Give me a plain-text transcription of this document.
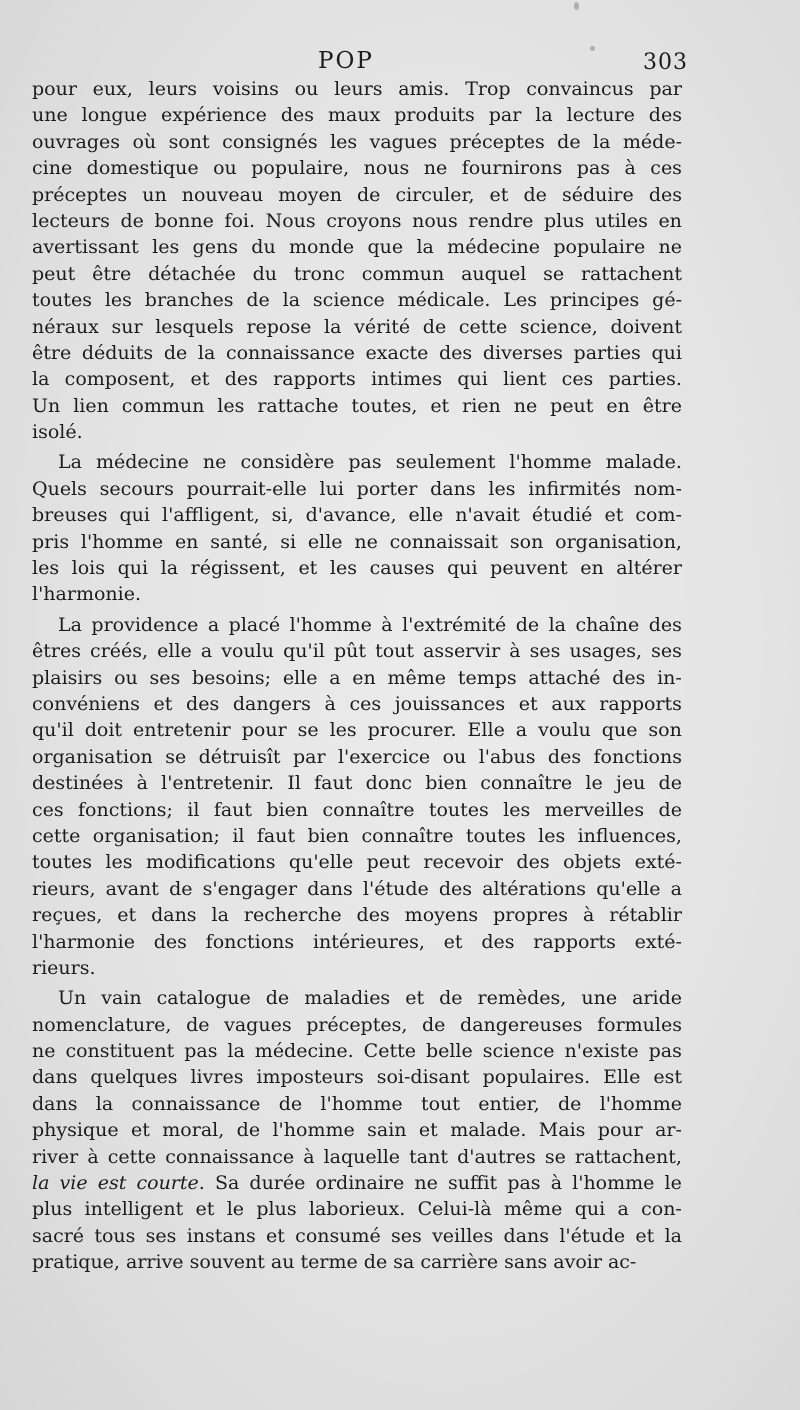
POP	303
pour eux, leurs voisins ou leurs amis. Trop convaincus par
une longue expérience des maux produits par la lecture des
ouvrages où sont consignés les vagues préceptes de la méde-
cine domestique ou populaire, nous ne fournirons pas à ces
préceptes un nouveau moyen de circuler, et de séduire des
lecteurs de bonne foi. Nous croyons nous rendre plus utiles en
avertissant les gens du monde que la médecine populaire ne
peut être détachée du tronc commun auquel se rattachent
toutes les branches de la science médicale. Les principes gé-
néraux sur lesquels repose la vérité de cette science, doivent
être déduits de la connaissance exacte des diverses parties qui
la composent, et des rapports intimes qui lient ces parties.
Un lien commun les rattache toutes, et rien ne peut en être
isolé.
La médecine ne considère pas seulement l'homme malade.
Quels secours pourrait-elle lui porter dans les infirmités nom-
breuses qui l'affligent, si, d'avance, elle n'avait étudié et com-
pris l'homme en santé, si elle ne connaissait son organisation,
les lois qui la régissent, et les causes qui peuvent en altérer
l'harmonie.
La providence a placé l'homme à l'extrémité de la chaîne des
êtres créés, elle a voulu qu'il pût tout asservir à ses usages, ses
plaisirs ou ses besoins; elle a en même temps attaché des in-
convéniens et des dangers à ces jouissances et aux rapports
qu'il doit entretenir pour se les procurer. Elle a voulu que son
organisation se détruisît par l'exercice ou l'abus des fonctions
destinées à l'entretenir. Il faut donc bien connaître le jeu de
ces fonctions; il faut bien connaître toutes les merveilles de
cette organisation; il faut bien connaître toutes les influences,
toutes les modifications qu'elle peut recevoir des objets exté-
rieurs, avant de s'engager dans l'étude des altérations qu'elle a
reçues, et dans la recherche des moyens propres à rétablir
l'harmonie des fonctions intérieures, et des rapports exté-
rieurs.
Un vain catalogue de maladies et de remèdes, une aride
nomenclature, de vagues préceptes, de dangereuses formules
ne constituent pas la médecine. Cette belle science n'existe pas
dans quelques livres imposteurs soi-disant populaires. Elle est
dans la connaissance de l'homme tout entier, de l'homme
physique et moral, de l'homme sain et malade. Mais pour ar-
river à cette connaissance à laquelle tant d'autres se rattachent,
la vie est courte. Sa durée ordinaire ne suffit pas à l'homme le
plus intelligent et le plus laborieux. Celui-là même qui a con-
sacré tous ses instans et consumé ses veilles dans l'étude et la
pratique, arrive souvent au terme de sa carrière sans avoir ac-
